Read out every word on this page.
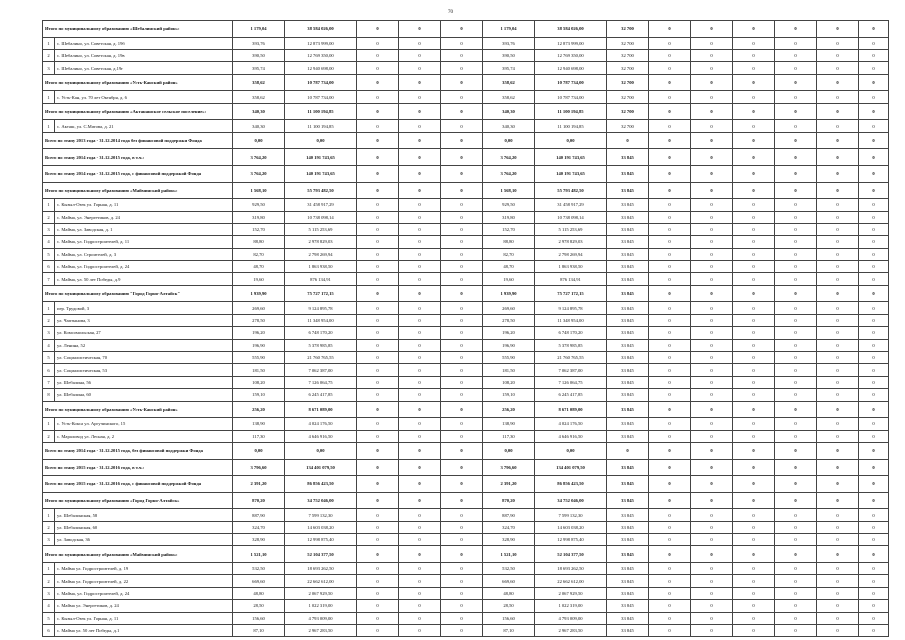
70
Итого по муниципальному образованию «Шебалинский район»:		1 179,04	38 584 026,00	0	0	0	1 179,04	38 584 026,00	32 700	0	0	0	0	0	0
1	с. Шебалино, ул. Советская, д. 19б	393,76	12 873 999,00	0	0	0	393,76	12 873 999,00	32 700	0	0	0	0	0	0
2	с. Шебалино, ул. Советская, д. 19в	390,50	12 769 350,00	0	0	0	390,50	12 769 350,00	32 700	0	0	0	0	0	0
3	с. Шебалино, ул. Советская, д.19г	395,74	12 940 698,00	0	0	0	395,74	12 940 698,00	32 700	0	0	0	0	0	0
Итого по муниципальному образованию «Усть-Канский район»		358,62	10 787 734,00	0	0	0	358,62	10 787 734,00	32 700	0	0	0	0	0	0
1	с. Усть-Кан, ул. 70 лет Октября, д. 6	358,62	10 787 734,00	0	0	0	358,62	10 787 734,00	32 700	0	0	0	0	0	0
Итого по муниципальному образованию «Актанашское сельское поселение»:		340,30	11 100 194,85	0	0	0	340,30	11 100 194,85	32 700	0	0	0	0	0	0
1	с. Акташ, ул. С.Матова, д. 21	340,30	11 100 194,85	0	0	0	340,30	11 100 194,85	32 700	0	0	0	0	0	0
Всего по этапу 2013 года - 31.12.2014 года без финансовой поддержки Фонда		0,00	0,00	0	0	0	0,00	0,00	0	0	0	0	0	0	0
Всего по этапу 2014 года - 31.12.2015 года, в т.ч.:		3 764,20	140 191 743,65	0	0	0	3 764,20	140 191 743,65	33 845	0	0	0	0	0	0
Всего по этапу 2014 года - 31.12.2015 года, с финансовой поддержкой Фонда		3 764,20	140 191 743,65	0	0	0	3 764,20	140 191 743,65	33 845	0	0	0	0	0	0
Итого по муниципальному образованию «Майминский район»:		1 568,10	55 793 482,50	0	0	0	1 568,10	55 793 482,50	33 845	0	0	0	0	0	0
1	с. Кызыл-Озек ул. Горная, д. 11	929,50	31 458 917,29	0	0	0	929,50	31 458 917,29	33 845	0	0	0	0	0	0
2	с. Майма, ул. Энергетиков, д. 24	319,80	10 738 098,14	0	0	0	319,80	10 738 098,14	33 845	0	0	0	0	0	0
3	с. Майма, ул. Заводская, д. 1	152,70	5 115 253,69	0	0	0	152,70	5 115 253,69	33 845	0	0	0	0	0	0
4	с. Майма, ул. Гидростроителей, д. 11	88,80	2 978 829,03	0	0	0	88,80	2 978 829,03	33 845	0	0	0	0	0	0
5	с. Майма, ул. Строителей, д. 3	82,70	2 798 269,94	0	0	0	82,70	2 798 269,94	33 845	0	0	0	0	0	0
6	с. Майма, ул. Гидростроителей, д. 24	48,70	1 863 938,50	0	0	0	48,70	1 863 938,50	33 845	0	0	0	0	0	0
7	с. Майма, ул. 50 лет Победы, д.9	19,60	876 134,91	0	0	0	19,60	876 134,91	33 845	0	0	0	0	0	0
Итого по муниципальному образованию "Город Горно-Алтайск"		1 939,90	75 727 172,15	0	0	0	1 939,90	75 727 172,15	33 845	0	0	0	0	0	0
1	пер. Трудовой, 3	269,60	9 124 895,78	0	0	0	269,60	9 124 895,78	33 845	0	0	0	0	0	0
2	ул. Чаптынова, 3	278,50	11 348 954,00	0	0	0	278,50	11 348 954,00	33 845	0	0	0	0	0	0
3	ул. Комсомольская, 27	196,20	6 748 170,20	0	0	0	196,20	6 748 170,20	33 845	0	0	0	0	0	0
4	ул. Ленина, 52	196,90	5 378 985,85	0	0	0	196,90	5 378 985,85	33 845	0	0	0	0	0	0
5	ул. Социалистическая, 70	555,90	21 760 765,55	0	0	0	555,90	21 760 765,55	33 845	0	0	0	0	0	0
6	ул. Социалистическая, 53	181,50	7 062 387,00	0	0	0	181,50	7 062 387,00	33 845	0	0	0	0	0	0
7	ул. Шебалина, 56	108,20	7 126 064,75	0	0	0	108,20	7 126 064,75	33 845	0	0	0	0	0	0
8	ул. Шебалина, 60	159,10	6 245 417,85	0	0	0	159,10	6 245 417,85	33 845	0	0	0	0	0	0
Итого по муниципальному образованию «Усть-Канский район»		256,20	8 671 089,00	0	0	0	256,20	8 671 089,00	33 845	0	0	0	0	0	0
1	с. Усть-Кокса ул. Аргучинского, 15	138,90	4 024 176,50	0	0	0	138,90	4 024 176,50	33 845	0	0	0	0	0	0
2	с. Мараловод ул. Лесная, д. 2	117,30	4 646 916,50	0	0	0	117,30	4 646 916,50	33 845	0	0	0	0	0	0
Всего по этапу 2014 года - 31.12.2015 года, без финансовой поддержки Фонда		0,00	0,00	0	0	0	0,00	0,00	0	0	0	0	0	0	0
Всего по этапу 2015 года - 31.12.2016 года, в т.ч.:		3 796,60	134 401 079,50	0	0	0	3 796,60	134 401 079,50	33 845	0	0	0	0	0	0
Всего по этапу 2015 года - 31.12.2016 года, с финансовой поддержкой Фонда		2 391,20	86 856 423,50	0	0	0	2 391,20	86 856 423,50	33 845	0	0	0	0	0	0
Итого по муниципальному образованию «Город Горно-Алтайск»		870,20	34 752 046,00	0	0	0	870,20	34 752 046,00	33 845	0	0	0	0	0	0
1	ул. Шебалинская, 58	887,90	7 599 132,30	0	0	0	887,90	7 599 132,30	33 845	0	0	0	0	0	0
2	ул. Шебалинская, 60	324,70	14 603 038,20	0	0	0	324,70	14 603 038,20	33 845	0	0	0	0	0	0
3	ул. Заводская, 36	328,90	12 998 875,40	0	0	0	328,90	12 998 875,40	33 845	0	0	0	0	0	0
Итого по муниципальному образованию «Майминский район»:		1 521,10	52 104 377,50	0	0	0	1 521,10	52 104 377,50	33 845	0	0	0	0	0	0
1	с. Майма ул. Гидростроителей, д. 19	532,50	18 693 262,50	0	0	0	532,50	18 693 262,50	33 845	0	0	0	0	0	0
2	с. Майма ул. Гидростроителей, д. 22	669,60	22 662 612,00	0	0	0	669,60	22 662 612,00	33 845	0	0	0	0	0	0
3	с. Майма, ул. Гидростроителей, д. 24	48,80	2 067 929,50	0	0	0	48,80	2 067 929,50	33 845	0	0	0	0	0	0
4	с. Майма ул. Энергетиков, д. 24	28,50	1 022 319,00	0	0	0	28,50	1 022 319,00	33 845	0	0	0	0	0	0
5	с. Кызыл-Озек ул. Горная, д. 11	156,60	4 793 009,00	0	0	0	156,60	4 793 009,00	33 845	0	0	0	0	0	0
6	с. Майма ул. 50 лет Победы, д.1	87,10	2 967 283,50	0	0	0	87,10	2 967 283,50	33 845	0	0	0	0	0	0
